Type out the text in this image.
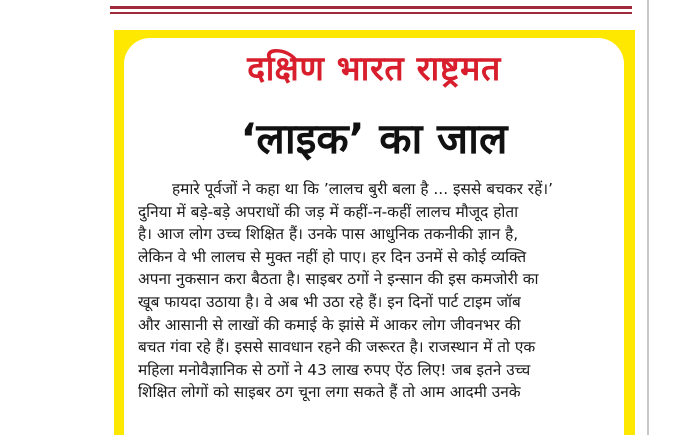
दक्षिण भारत राष्ट्रमत
‘लाइक’ का जाल
हमारे पूर्वजों ने कहा था कि ’लालच बुरी बला है ... इससे बचकर रहें।’
दुनिया में बड़े-बड़े अपराधों की जड़ में कहीं-न-कहीं लालच मौजूद होता
है। आज लोग उच्च शिक्षित हैं। उनके पास आधुनिक तकनीकी ज्ञान है,
लेकिन वे भी लालच से मुक्त नहीं हो पाए। हर दिन उनमें से कोई व्यक्ति
अपना नुकसान करा बैठता है। साइबर ठगों ने इन्सान की इस कमजोरी का
खूब फायदा उठाया है। वे अब भी उठा रहे हैं। इन दिनों पार्ट टाइम जॉब
और आसानी से लाखों की कमाई के झांसे में आकर लोग जीवनभर की
बचत गंवा रहे हैं। इससे सावधान रहने की जरूरत है। राजस्थान में तो एक
महिला मनोवैज्ञानिक से ठगों ने 43 लाख रुपए ऐंठ लिए! जब इतने उच्च
शिक्षित लोगों को साइबर ठग चूना लगा सकते हैं तो आम आदमी उनके
